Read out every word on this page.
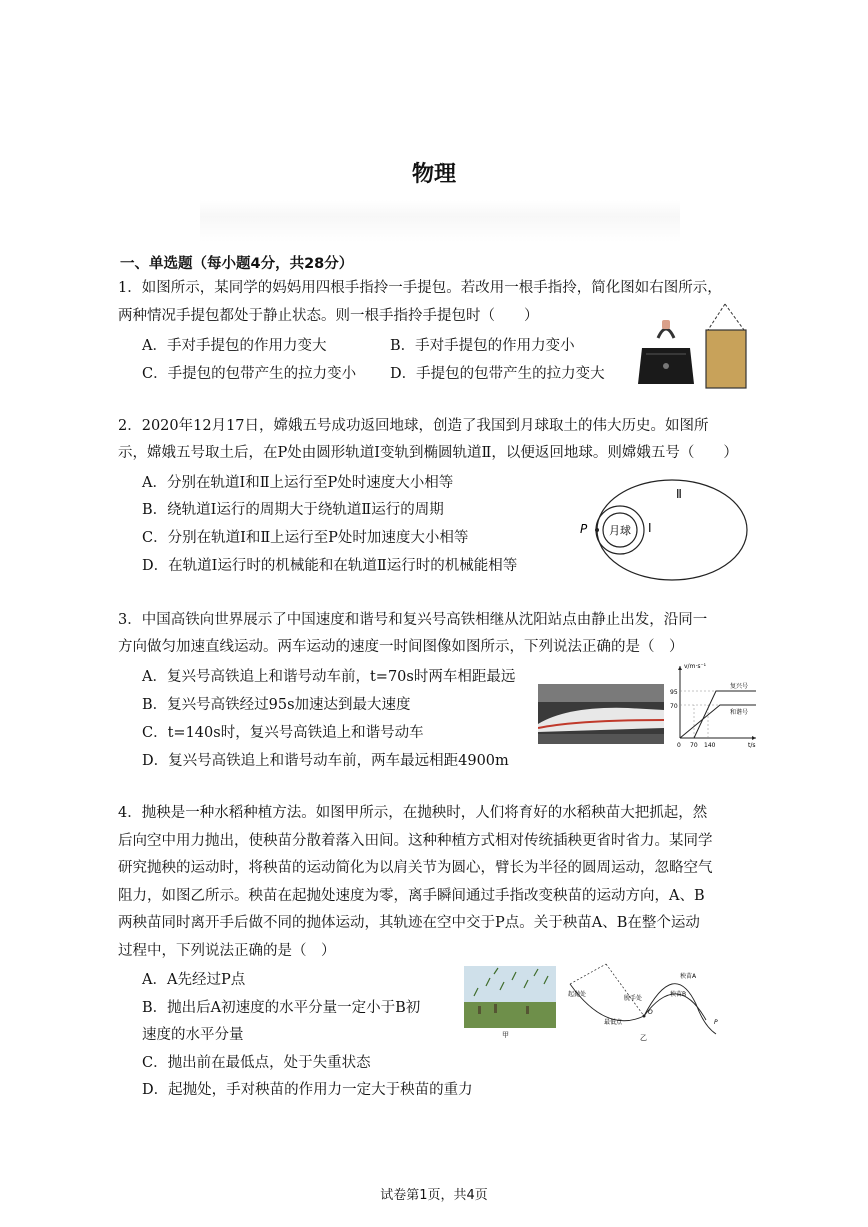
物理
一、单选题（每小题4分，共28分）
1．如图所示，某同学的妈妈用四根手指拎一手提包。若改用一根手指拎，简化图如右图所示，
两种情况手提包都处于静止状态。则一根手指拎手提包时（　　）
A．手对手提包的作用力变大	B．手对手提包的作用力变小
C．手提包的包带产生的拉力变小 D．手提包的包带产生的拉力变大
2．2020年12月17日，嫦娥五号成功返回地球，创造了我国到月球取土的伟大历史。如图所
示，嫦娥五号取土后，在P处由圆形轨道Ⅰ变轨到椭圆轨道Ⅱ，以便返回地球。则嫦娥五号（　　）
A．分别在轨道Ⅰ和Ⅱ上运行至P处时速度大小相等
B．绕轨道Ⅰ运行的周期大于绕轨道Ⅱ运行的周期
C．分别在轨道Ⅰ和Ⅱ上运行至P处时加速度大小相等
D．在轨道Ⅰ运行时的机械能和在轨道Ⅱ运行时的机械能相等
月球
P	Ⅰ
Ⅱ
3．中国高铁向世界展示了中国速度和谐号和复兴号高铁相继从沈阳站点由静止出发，沿同一
方向做匀加速直线运动。两车运动的速度一时间图像如图所示，下列说法正确的是（　）
A．复兴号高铁追上和谐号动车前，t=70s时两车相距最远
B．复兴号高铁经过95s加速达到最大速度
C．t=140s时，复兴号高铁追上和谐号动车
D．复兴号高铁追上和谐号动车前，两车最远相距4900m
v/m·s⁻¹
t/s
95
70
0 70 140
复兴号
和谐号
4．抛秧是一种水稻种植方法。如图甲所示，在抛秧时，人们将育好的水稻秧苗大把抓起，然
后向空中用力抛出，使秧苗分散着落入田间。这种种植方式相对传统插秧更省时省力。某同学
研究抛秧的运动时，将秧苗的运动简化为以肩关节为圆心，臂长为半径的圆周运动，忽略空气
阻力，如图乙所示。秧苗在起抛处速度为零，离手瞬间通过手指改变秧苗的运动方向，A、B
两秧苗同时离开手后做不同的抛体运动，其轨迹在空中交于P点。关于秧苗A、B在整个运动
过程中，下列说法正确的是（　）
A．A先经过P点
B．抛出后A初速度的水平分量一定小于B初
速度的水平分量
C．抛出前在最低点，处于失重状态
D．起抛处，手对秧苗的作用力一定大于秧苗的重力
甲
起抛处
脱手处
最低点
O
秧苗A
秧苗B
P
乙
试卷第1页，共4页
